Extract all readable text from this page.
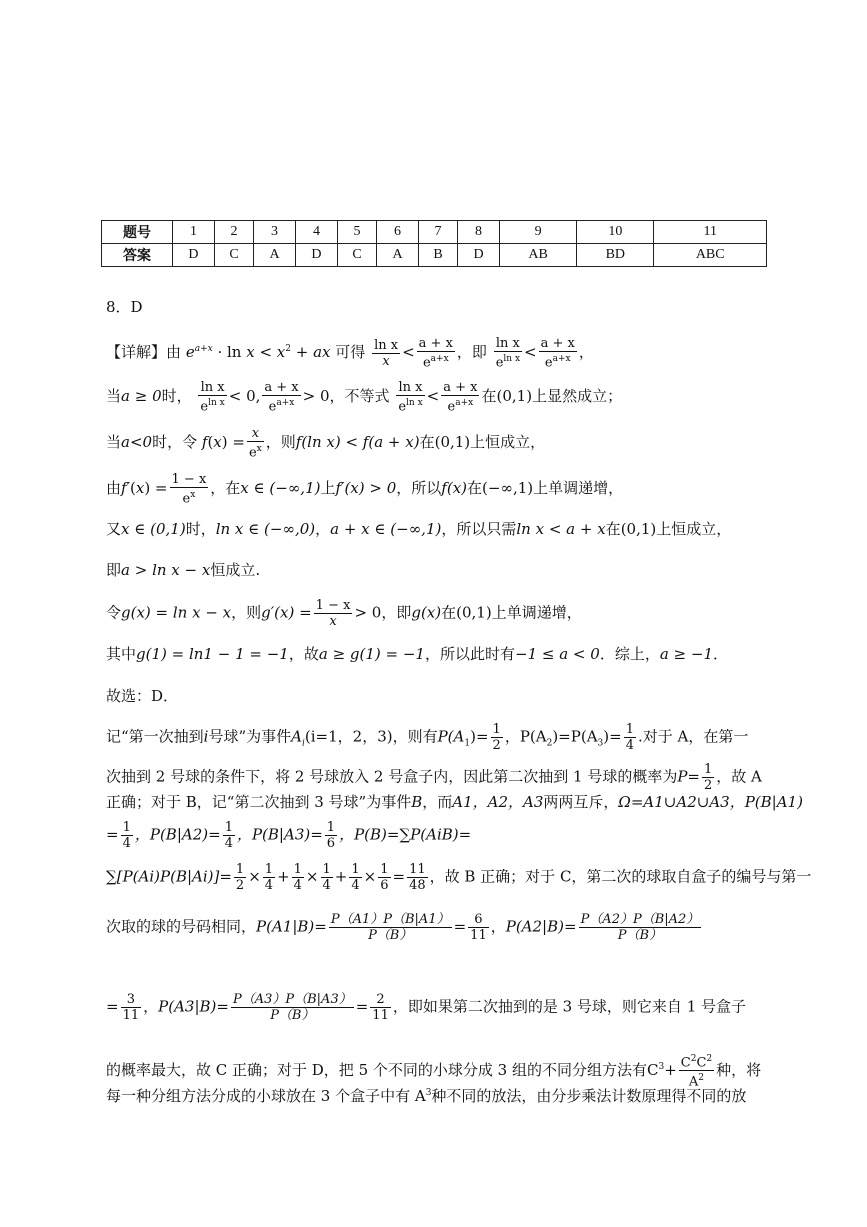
题号	1	2	3	4	5	6	7	8	9	10	11
答案	D	C	A	D	C	A	B	D	AB	BD	ABC
8．D
【详解】由 $e^{a+x} \cdot \ln x < x^2$ + ax 可得 $\frac{\text{ln x}}{x} < \frac{a + x}{e^{a+x}}$ ，即 $\frac{\text{ln x}}{e^{ln x}} < \frac{a + x}{e^{a+x}}$ ，
当a ≥ 0时， $\frac{\text{ln x}}{e^{ln x}} < 0$, $\frac{a + x}{e^{a+x}} > 0$，不等式 $\frac{\text{ln x}}{e^{ln x}} < \frac{a + x}{e^{a+x}}$ 在(0,1)上显然成立；
当a<0时，令 $f(x) = \frac{x}{e^x}$ ，则f(ln x) < f(a + x)在(0,1)上恒成立，
由$f'(x) = \frac{1 - x}{e^x}$ ，在x ∈ (−∞,1)上f′(x) > 0，所以f(x)在(−∞,1)上单调递增，
又x ∈ (0,1)时，ln x ∈ (−∞,0)，a + x ∈ (−∞,1)，所以只需ln x < a + x在(0,1)上恒成立，
即a > ln x − x恒成立.
令g(x) = ln x − x，则$g'(x) = \frac{1 - x}{x} > 0$，即g(x)在(0,1)上单调递增，
其中g(1) = ln1 − 1 = −1，故a ≥ g(1) = −1，所以此时有−1 ≤ a < 0．综上，a ≥ −1．
故选：D．
记“第一次抽到i号球”为事件$A_i(i=1$，2，3)，则有$P(A_1)= \frac{1}{2}$ ，$P(A_2)=P(A_3)= \frac{1}{4}$ .对于 A，在第一
次抽到 2 号球的条件下，将 2 号球放入 2 号盒子内，因此第二次抽到 1 号球的概率为$P= \frac{1}{2}$ ，故 A
正确；对于 B，记“第二次抽到 3 号球”为事件B，而A1，A2，A3两两互斥，Ω=A1∪A2∪A3，P(B|A1)
= $\frac{1}{4}$ ，$P(B|A2)= \frac{1}{4}$ ，$P(B|A3)= \frac{1}{6}$ ，P(B)=∑P(AiB)=
$\sum[P(Ai)P(B|Ai)]= \frac{1}{2} \times \frac{1}{4} + \frac{1}{4} \times \frac{1}{4} + \frac{1}{4} \times \frac{1}{6} = \frac{11}{48}$ ，故 B 正确；对于 C，第二次的球取自盒子的编号与第一
次取的球的号码相同，$P(A1|B)= \frac{P(A1)P(B|A1)}{P(B)} = \frac{6}{11}$ ，$P(A2|B)= \frac{P(A2)P(B|A2)}{P(B)}$
= $\frac{3}{11}$ ，$P(A3|B)= \frac{P(A3)P(B|A3)}{P(B)} = \frac{2}{11}$ ，即如果第二次抽到的是 3 号球，则它来自 1 号盒子
的概率最大，故 C 正确；对于 D，把 5 个不同的小球分成 3 组的不同分组方法有$C^3+ \frac{C^2C^2}{A^2}$ 种，将
每一种分组方法分成的小球放在 3 个盒子中有 $A^3$种不同的放法，由分步乘法计数原理得不同的放
